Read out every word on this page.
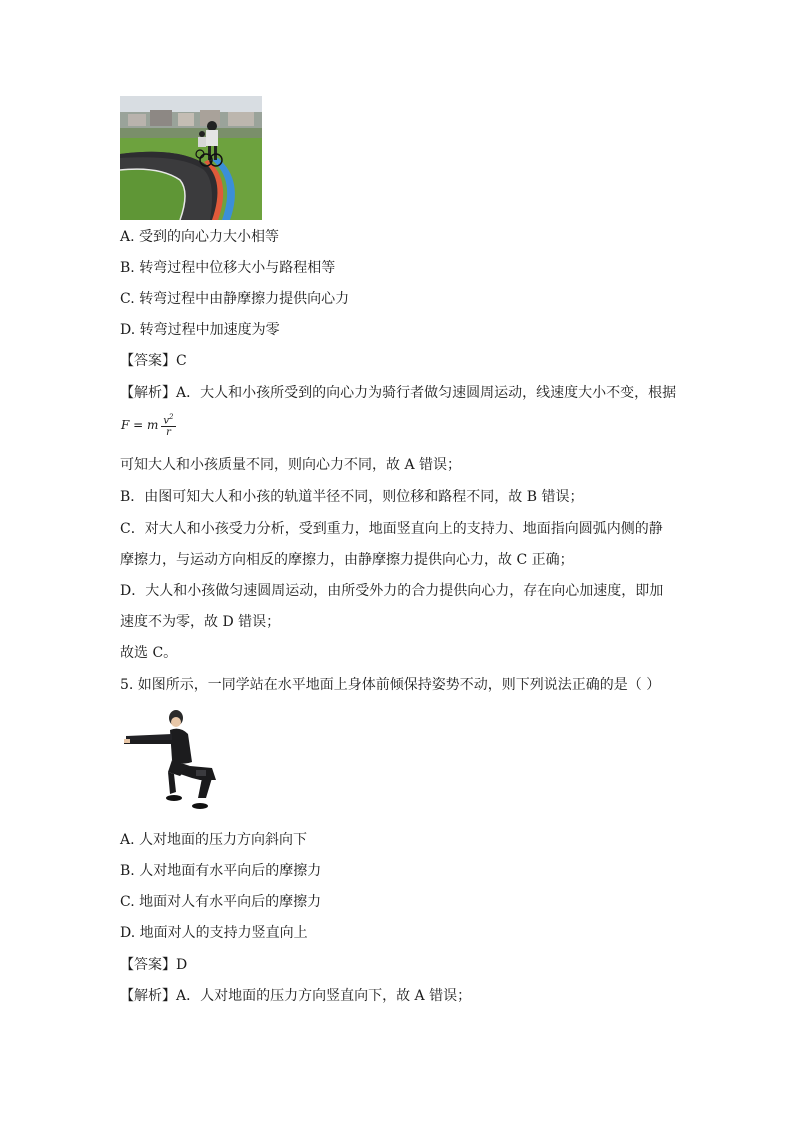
A. 受到的向心力大小相等
B. 转弯过程中位移大小与路程相等
C. 转弯过程中由静摩擦力提供向心力
D. 转弯过程中加速度为零
【答案】C
【解析】A．大人和小孩所受到的向心力为骑行者做匀速圆周运动，线速度大小不变，根据
F = m $\frac{v^2}{r}$
可知大人和小孩质量不同，则向心力不同，故 A 错误；
B．由图可知大人和小孩的轨道半径不同，则位移和路程不同，故 B 错误；
C．对大人和小孩受力分析，受到重力，地面竖直向上的支持力、地面指向圆弧内侧的静
摩擦力，与运动方向相反的摩擦力，由静摩擦力提供向心力，故 C 正确；
D．大人和小孩做匀速圆周运动，由所受外力的合力提供向心力，存在向心加速度，即加
速度不为零，故 D 错误；
故选 C。
5. 如图所示，一同学站在水平地面上身体前倾保持姿势不动，则下列说法正确的是（ ）
A. 人对地面的压力方向斜向下
B. 人对地面有水平向后的摩擦力
C. 地面对人有水平向后的摩擦力
D. 地面对人的支持力竖直向上
【答案】D
【解析】A．人对地面的压力方向竖直向下，故 A 错误；
